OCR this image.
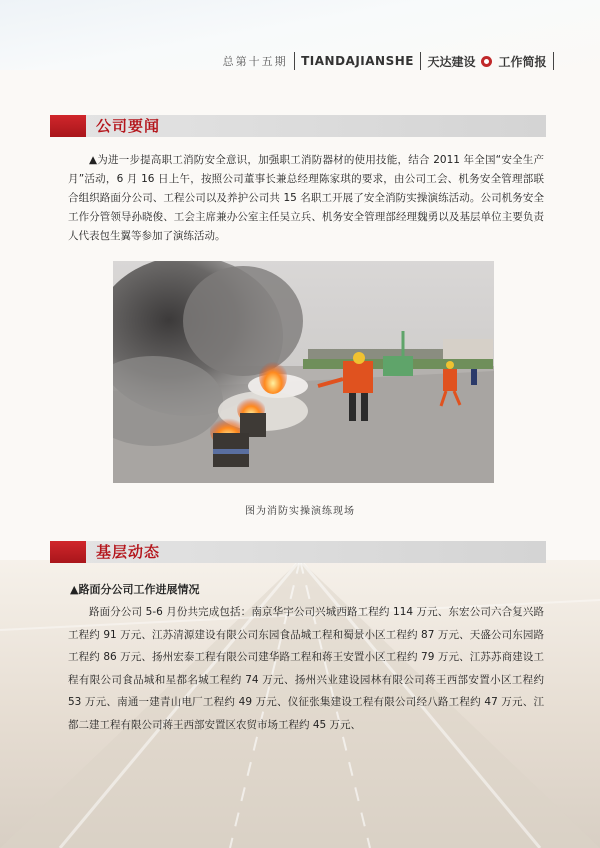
总第十五期 TIANDAJIANSHE 天达建设 工作简报
公司要闻
▲为进一步提高职工消防安全意识，加强职工消防器材的使用技能，结合 2011 年全国“安全生产月”活动，6 月 16 日上午，按照公司董事长兼总经理陈家琪的要求，由公司工会、机务安全管理部联合组织路面分公司、工程公司以及养护公司共 15 名职工开展了安全消防实操演练活动。公司机务安全工作分管领导孙晓俊、工会主席兼办公室主任吴立兵、机务安全管理部经理魏勇以及基层单位主要负责人代表包生翼等参加了演练活动。
图为消防实操演练现场
基层动态
▲路面分公司工作进展情况
路面分公司 5-6 月份共完成包括：南京华宇公司兴城西路工程约 114 万元、东宏公司六合复兴路工程约 91 万元、江苏清源建设有限公司东园食品城工程和蜀景小区工程约 87 万元、天盛公司东园路工程约 86 万元、扬州宏泰工程有限公司建华路工程和蒋王安置小区工程约 79 万元、江苏苏商建设工程有限公司食品城和星都名城工程约 74 万元、扬州兴业建设园林有限公司蒋王西部安置小区工程约 53 万元、南通一建青山电厂工程约 49 万元、仪征张集建设工程有限公司经八路工程约 47 万元、江都二建工程有限公司蒋王西部安置区农贸市场工程约 45 万元、
